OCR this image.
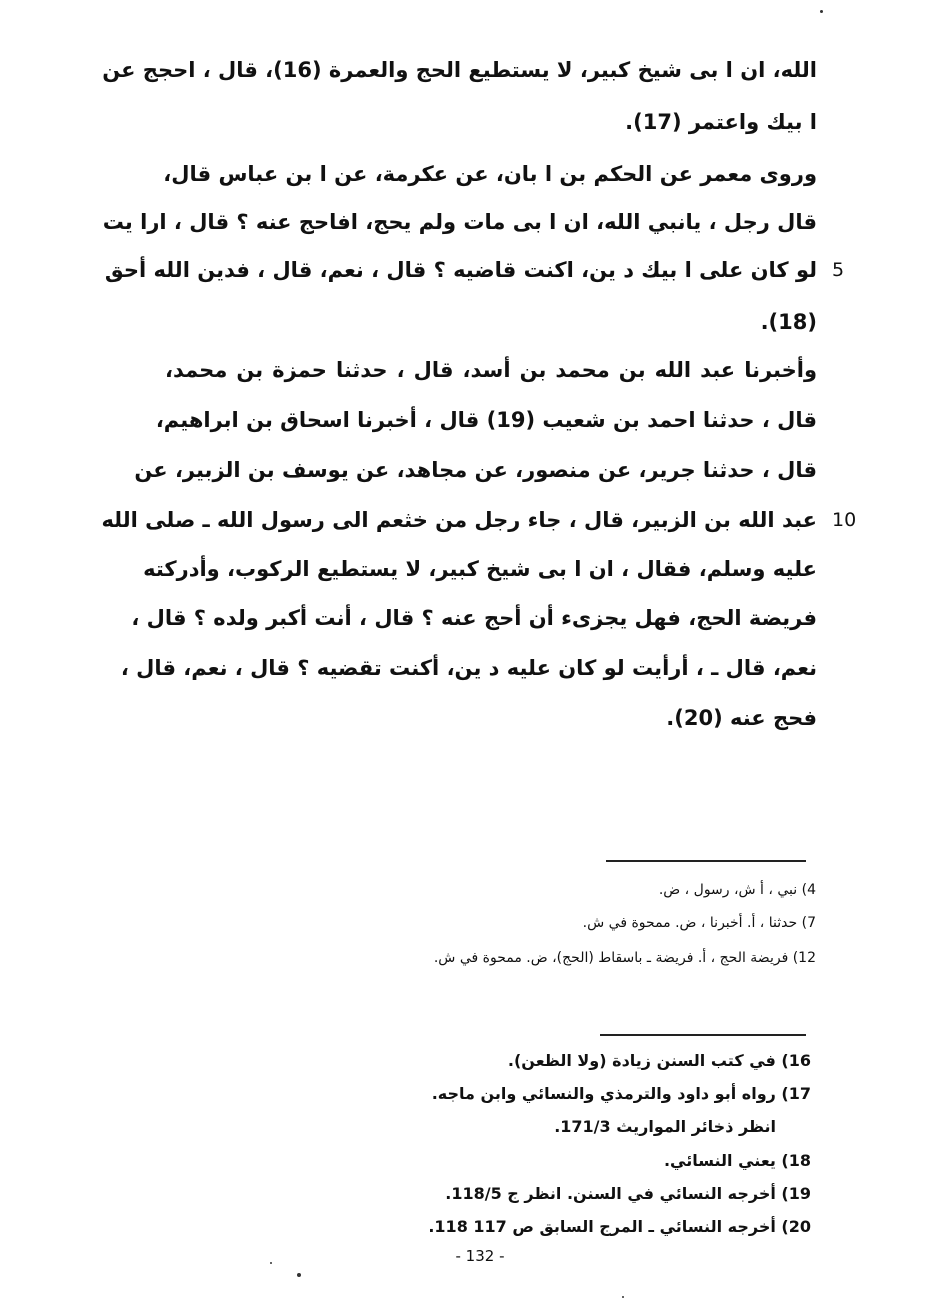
الله، ان ا بى شيخ كبير، لا يستطيع الحج والعمرة (16)، قال ، احجج عن
ا بيك واعتمر (17).
وروى معمر عن الحكم بن ا بان، عن عكرمة، عن ا بن عباس قال،
قال رجل ، يانبي الله، ان ا بى مات ولم يحج، افاحج عنه ؟ قال ، ارا يت
لو كان على ا بيك د ين، اكنت قاضيه ؟ قال ، نعم، قال ، فدين الله أحق
(18).
وأخبرنا عبد الله بن محمد بن أسد، قال ، حدثنا حمزة بن محمد،
قال ، حدثنا احمد بن شعيب (19) قال ، أخبرنا اسحاق بن ابراهيم،
قال ، حدثنا جرير، عن منصور، عن مجاهد، عن يوسف بن الزبير، عن
عبد الله بن الزبير، قال ، جاء رجل من خثعم الى رسول الله ـ صلى الله
عليه وسلم، فقال ، ان ا بى شيخ كبير، لا يستطيع الركوب، وأدركته
فريضة الحج، فهل يجزىء أن أحج عنه ؟ قال ، أنت أكبر ولده ؟ قال ،
نعم، قال ـ ، أرأيت لو كان عليه د ين، أكنت تقضيه ؟ قال ، نعم، قال ،
فحج عنه (20).
5
10
4) نبي ، أ ش، رسول ، ض.
7) حدثنا ، أ. أخبرنا ، ض. ممحوة في ش.
12) فريضة الحج ، أ. فريضة ـ باسقاط (الحج)، ض. ممحوة في ش.
16) في كتب السنن زيادة (ولا الظعن).
17) رواه أبو داود والترمذي والنسائي وابن ماجه.
انظر ذخائر المواريث 171/3.
18) يعني النسائي.
19) أخرجه النسائي في السنن. انظر ج 118/5.
20) أخرجه النسائي ـ المرج السابق ص 117 118.
- 132 -
